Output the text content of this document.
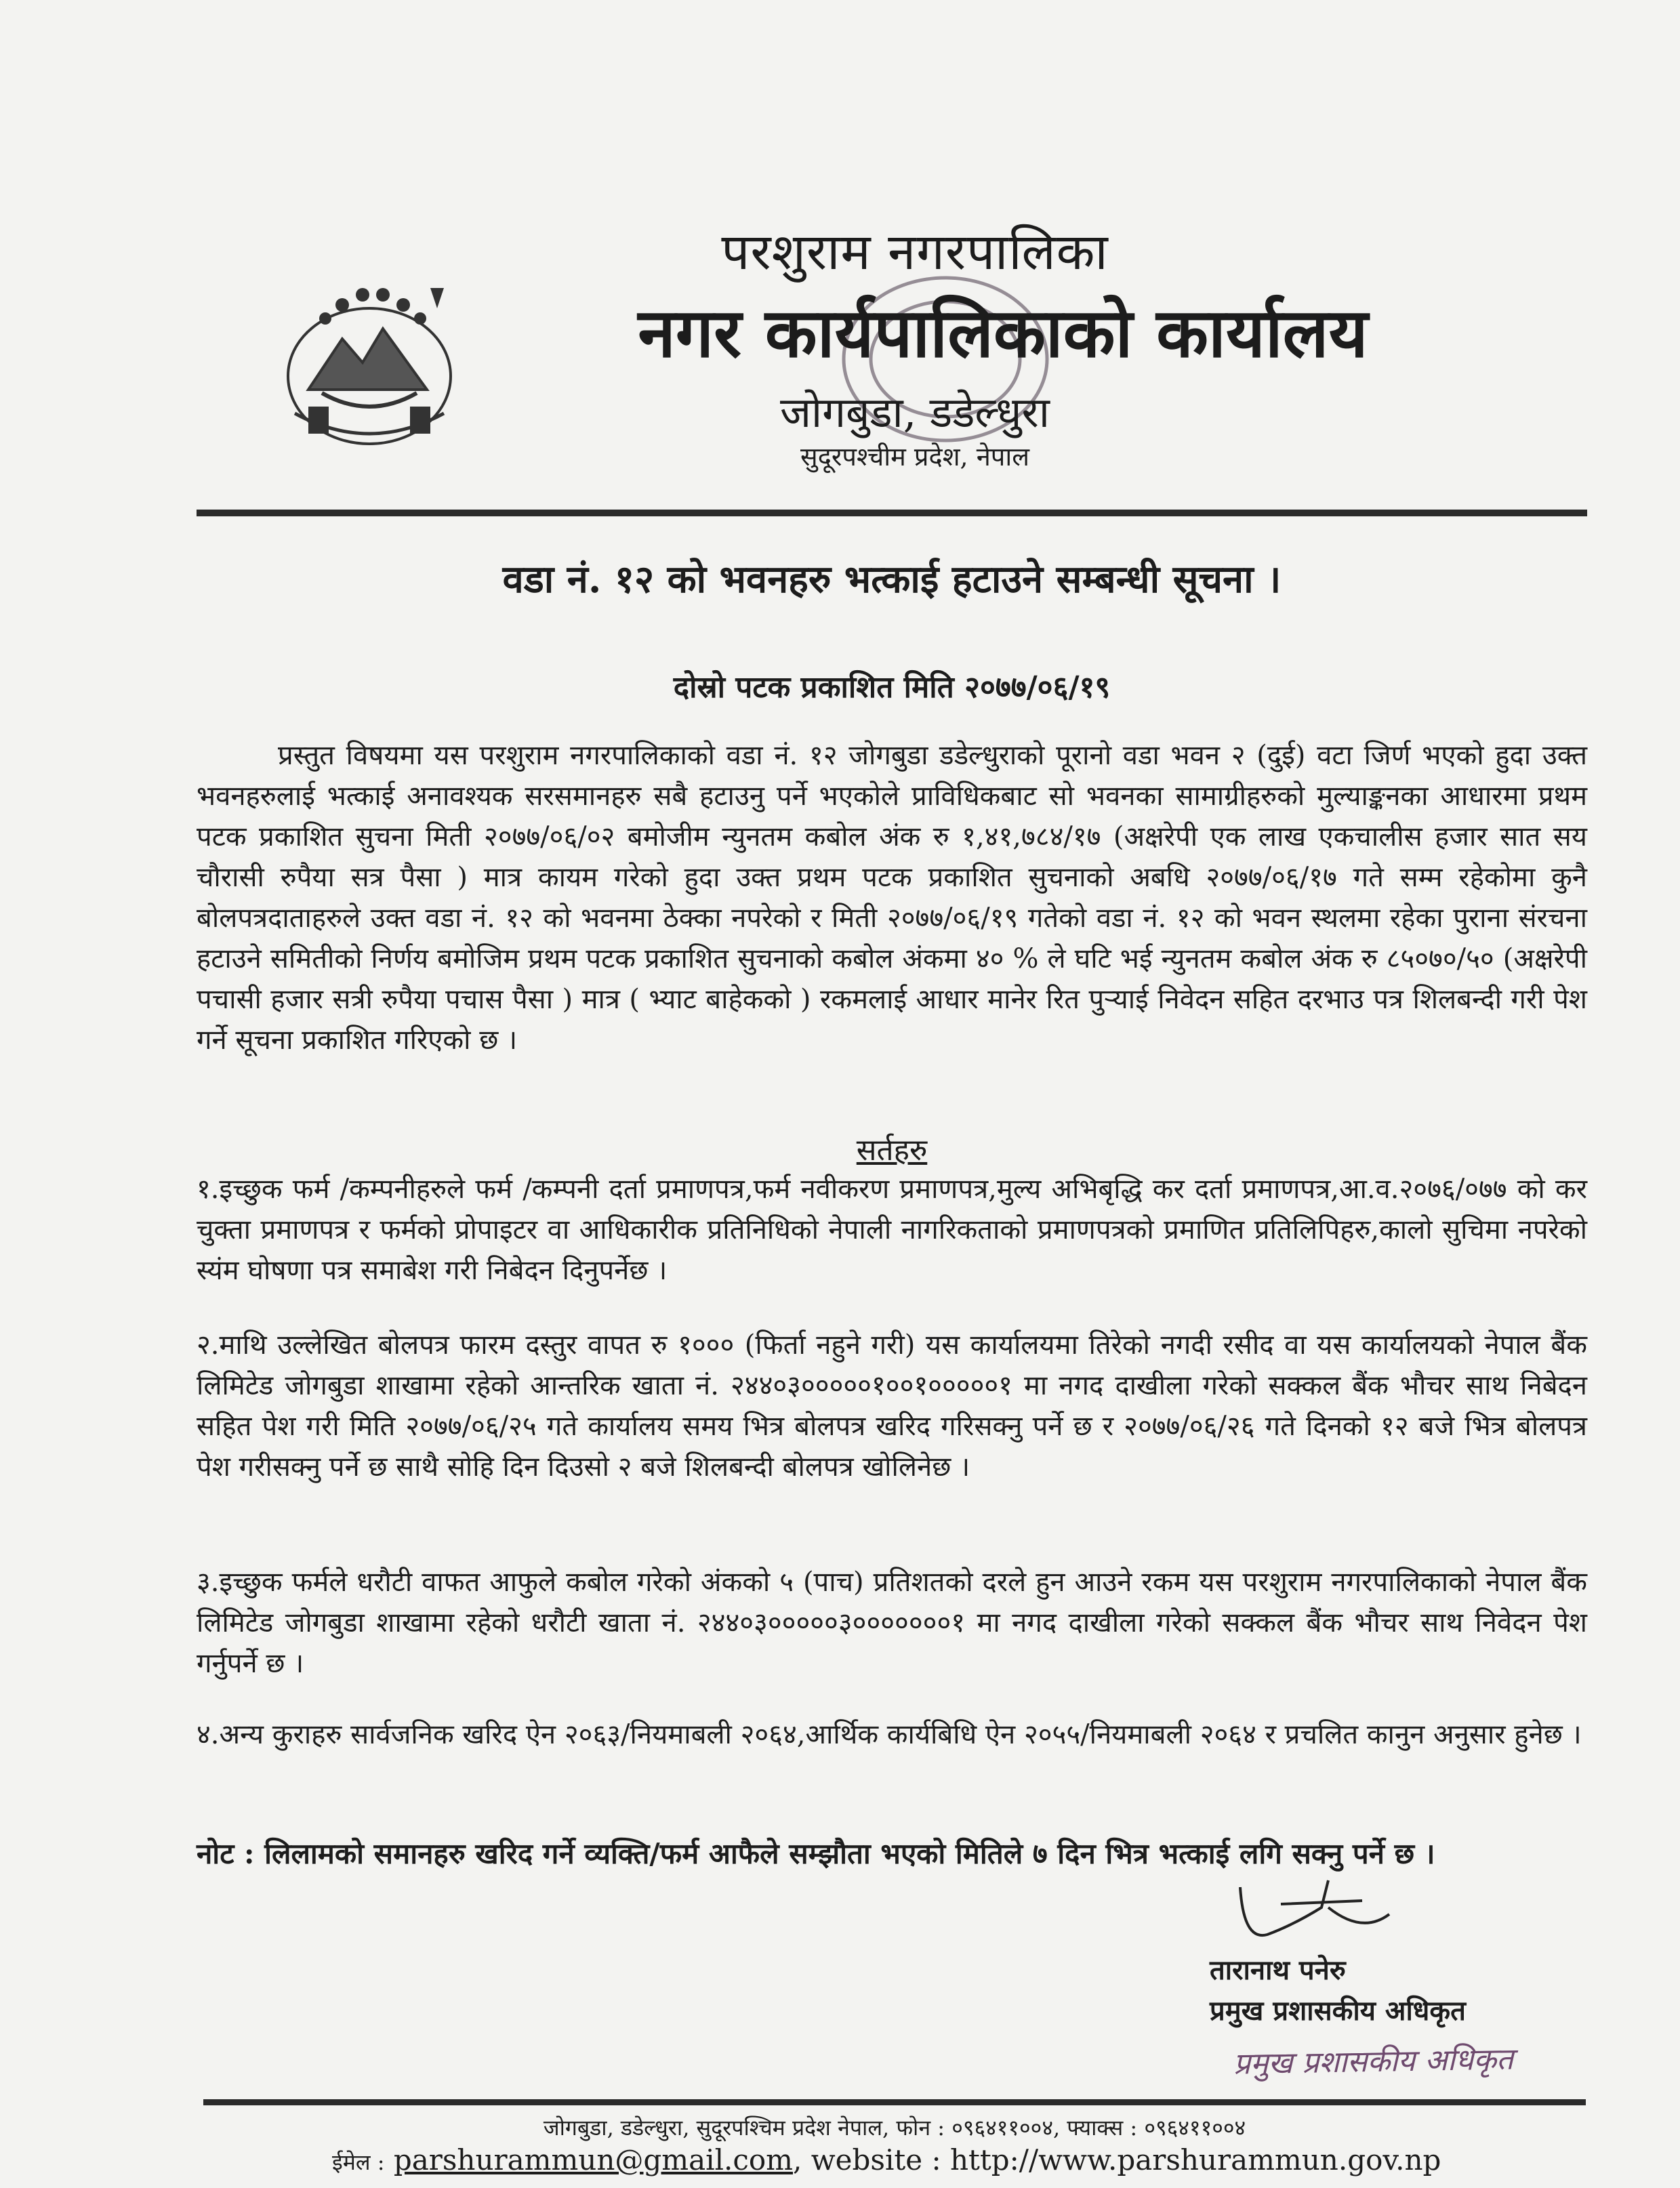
परशुराम नगरपालिका
नगर कार्यपालिकाको कार्यालय
जोगबुडा, डडेल्धुरा
सुदूरपश्चीम प्रदेश, नेपाल
वडा नं. १२ को भवनहरु भत्काई हटाउने सम्बन्धी सूचना ।
दोस्रो पटक प्रकाशित मिति २०७७/०६/१९

प्रस्तुत विषयमा यस परशुराम नगरपालिकाको वडा नं. १२ जोगबुडा डडेल्धुराको पूरानो वडा भवन २ (दुई) वटा जिर्ण भएको हुदा उक्त भवनहरुलाई भत्काई अनावश्यक सरसमानहरु सबै हटाउनु पर्ने भएकोले प्राविधिकबाट सो भवनका सामाग्रीहरुको मुल्याङ्कनका आधारमा प्रथम पटक प्रकाशित सुचना मिती २०७७/०६/०२ बमोजीम न्युनतम कबोल अंक रु १,४१,७८४/१७ (अक्षरेपी एक लाख एकचालीस हजार सात सय चौरासी रुपैया सत्र पैसा ) मात्र कायम गरेको हुदा उक्त प्रथम पटक प्रकाशित सुचनाको अबधि २०७७/०६/१७ गते सम्म रहेकोमा कुनै बोलपत्रदाताहरुले उक्त वडा नं. १२ को भवनमा ठेक्का नपरेको र मिती २०७७/०६/१९ गतेको वडा नं. १२ को भवन स्थलमा रहेका पुराना संरचना हटाउने समितीको निर्णय बमोजिम प्रथम पटक प्रकाशित सुचनाको कबोल अंकमा ४० % ले घटि भई न्युनतम कबोल अंक रु ८५०७०/५० (अक्षरेपी पचासी हजार सत्री रुपैया पचास पैसा ) मात्र ( भ्याट बाहेकको ) रकमलाई आधार मानेर रित पुऱ्याई निवेदन सहित दरभाउ पत्र शिलबन्दी गरी पेश गर्ने सूचना प्रकाशित गरिएको छ ।

सर्तहरु

१.इच्छुक फर्म /कम्पनीहरुले फर्म /कम्पनी दर्ता प्रमाणपत्र,फर्म नवीकरण प्रमाणपत्र,मुल्य अभिबृद्धि कर दर्ता प्रमाणपत्र,आ.व.२०७६/०७७ को कर चुक्ता प्रमाणपत्र र फर्मको प्रोपाइटर वा आधिकारीक प्रतिनिधिको नेपाली नागरिकताको प्रमाणपत्रको प्रमाणित प्रतिलिपिहरु,कालो सुचिमा नपरेको स्यंम घोषणा पत्र समाबेश गरी निबेदन दिनुपर्नेछ ।

२.माथि उल्लेखित बोलपत्र फारम दस्तुर वापत रु १००० (फिर्ता नहुने गरी) यस कार्यालयमा तिरेको नगदी रसीद वा यस कार्यालयको नेपाल बैंक लिमिटेड जोगबुडा शाखामा रहेको आन्तरिक खाता नं. २४४०३०००००१००१०००००१ मा नगद दाखीला गरेको सक्कल बैंक भौचर साथ निबेदन सहित पेश गरी मिति २०७७/०६/२५ गते कार्यालय समय भित्र बोलपत्र खरिद गरिसक्नु पर्ने छ र २०७७/०६/२६ गते दिनको १२ बजे भित्र बोलपत्र पेश गरीसक्नु पर्ने छ साथै सोहि दिन दिउसो २ बजे शिलबन्दी बोलपत्र खोलिनेछ ।

३.इच्छुक फर्मले धरौटी वाफत आफुले कबोल गरेको अंकको ५ (पाच) प्रतिशतको दरले हुन आउने रकम यस परशुराम नगरपालिकाको नेपाल बैंक लिमिटेड जोगबुडा शाखामा रहेको धरौटी खाता नं. २४४०३०००००३०००००००१ मा नगद दाखीला गरेको सक्कल बैंक भौचर साथ निवेदन पेश गर्नुपर्ने छ ।

४.अन्य कुराहरु सार्वजनिक खरिद ऐन २०६३/नियमाबली २०६४,आर्थिक कार्यबिधि ऐन २०५५/नियमाबली २०६४ र प्रचलित कानुन अनुसार हुनेछ ।

नोट : लिलामको समानहरु खरिद गर्ने व्यक्ति/फर्म आफैले सम्झौता भएको मितिले ७ दिन भित्र भत्काई लगि सक्नु पर्ने छ ।
तारानाथ पनेरु
प्रमुख प्रशासकीय अधिकृत
प्रमुख प्रशासकीय अधिकृत
जोगबुडा, डडेल्धुरा, सुदूरपश्चिम प्रदेश नेपाल, फोन : ०९६४११००४, फ्याक्स : ०९६४११००४
ईमेल : parshurammun@gmail.com, website : http://www.parshurammun.gov.np
